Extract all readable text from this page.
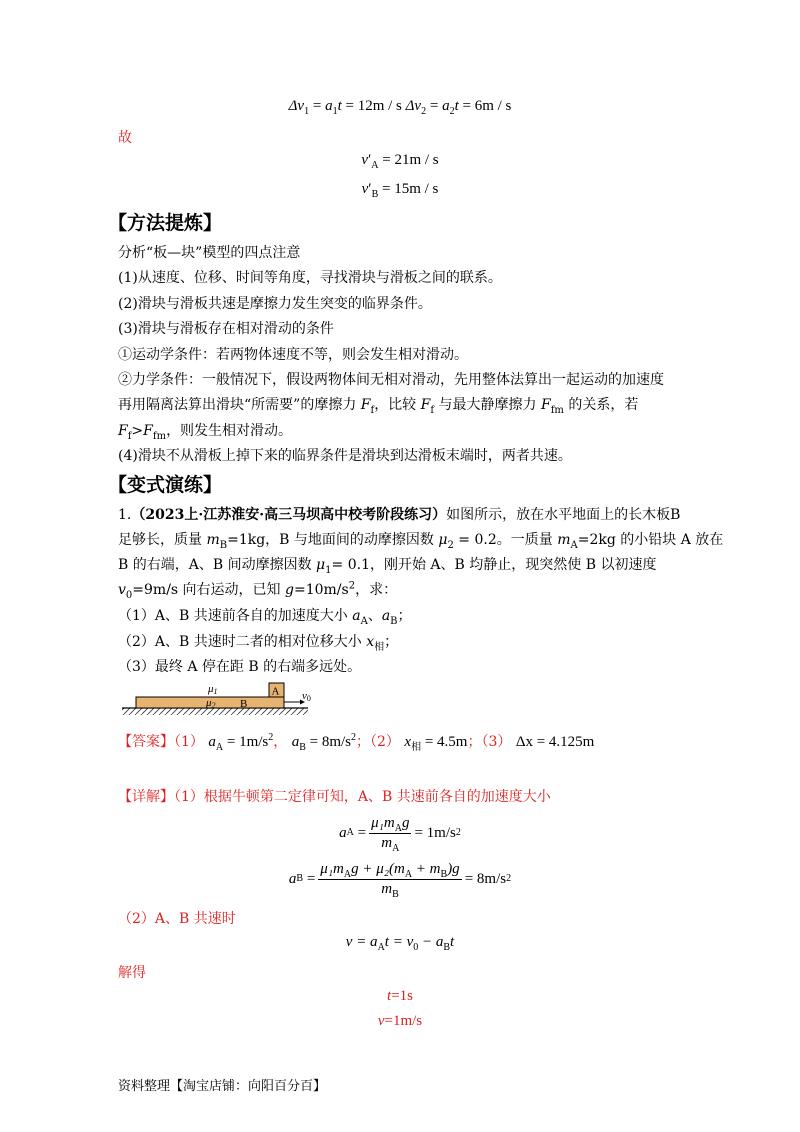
$\Delta v_1 = a_1t = 12m / s$ $\Delta v_2 = a_2t = 6m / s$
故
$v'_A = 21m / s$
$v'_B = 15m / s$
【方法提炼】
分析“板—块”模型的四点注意
(1)从速度、位移、时间等角度，寻找滑块与滑板之间的联系。
(2)滑块与滑板共速是摩擦力发生突变的临界条件。
(3)滑块与滑板存在相对滑动的条件
①运动学条件：若两物体速度不等，则会发生相对滑动。
②力学条件：一般情况下，假设两物体间无相对滑动，先用整体法算出一起运动的加速度
再用隔离法算出滑块“所需要”的摩擦力 $F_f$，比较 $F_f$ 与最大静摩擦力 $F_{fm}$ 的关系，若
$F_f>F_{fm}$，则发生相对滑动。
(4)滑块不从滑板上掉下来的临界条件是滑块到达滑板末端时，两者共速。
【变式演练】
1.（2023上·江苏淮安·高三马坝高中校考阶段练习）如图所示，放在水平地面上的长木板B
足够长，质量 $m_B=1kg$，B 与地面间的动摩擦因数 $\mu_2 = 0.2$。一质量 $m_A=2kg$ 的小铅块 A 放在
B 的右端，A、B 间动摩擦因数 $\mu_1= 0.1$，刚开始 A、B 均静止，现突然使 B 以初速度
$v_0=9m/s$ 向右运动，已知 $g=10m/s^2$，求：
（1）A、B 共速前各自的加速度大小 $a_A$、$a_B$；
（2）A、B 共速时二者的相对位移大小 $x_相$；
（3）最终 A 停在距 B 的右端多远处。
A
μ1
μ2 B
v0
【答案】（1） $a_A = 1m/s^2$， $a_B = 8m/s^2$；（2） $x_相 = 4.5m$；（3） Δx = 4.125m
【详解】（1）根据牛顿第二定律可知，A、B 共速前各自的加速度大小
a $A = \frac{\mu_1m_Ag}{m_A} = 1m/s$ 2
a $B = \frac{\mu_1m_Ag + \mu_2(m_A + m_B)g}{m_B} = 8m/s$ 2
（2）A、B 共速时
$v = a_At = v_0 - a_Bt$
解得
t=1s
v=1m/s
资料整理【淘宝店铺：向阳百分百】
